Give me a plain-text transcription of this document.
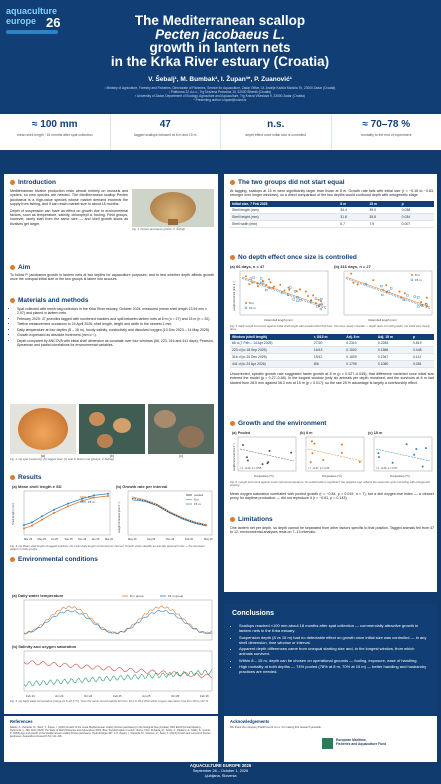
aquaculture
europe 26	The Mediterranean scallop
Pecten jacobaeus L.
growth in lantern nets
in the Krka River estuary (Croatia)
V. Šebalj¹, M. Bumbak², I. Župan³*, P. Zuanović¹
¹ Ministry of Agriculture, Forestry and Fisheries, Directorate of Fisheries, Service for Aquaculture, Zadar Office, Ul. Andrije Kačića Miošića 7b, 23000 Zadar (Croatia)
² Platforma 22 d.o.o., Trg Dražena Petrovića 10, 22000 Šibenik (Croatia)
³ University of Zadar, Department of Ecology, Agriculture and Aquaculture, Trg Kneza Višeslava 9, 23000 Zadar (Croatia)
* Presenting author: izupan@unizd.hr
≈ 100 mm
mean shell length ~16 months after spat collection
47
tagged scallops followed at 8 m and 15 m
n.s.
depth effect once initial size is controlled
≈ 70–78 %
mortality to the end of experiment
Introduction

Mediterranean bivalve production rests almost entirely on mussels and oysters, so new species are needed. The Mediterranean scallop Pecten jacobaeus is a high-value species whose market demand exceeds the supply from fishing, and it can reach market size in about 18 months.

Depth of suspension can have an effect on growth due to environmental factors, such as temperature, salinity, chlorophyll a, fouling. Field groups, however, rarely start from the same size — and shell growth slows as bivalves get larger.

Fig. 1. Pecten jacobaeus (photo: V. Šebalj)
Aim

To follow P. jacobaeus growth in lantern nets at two depths for aquaculture purposes, and to test whether depth affects growth once the unequal initial size of the two groups is taken into account.

Materials and methods
• Spat collected with mesh bag collectors in the Krka River estuary, October 2024, measured (mean shell length 13.94 mm ± 2.97) and placed in lantern nets.
• February 2025: 47 juveniles tagged with numbered markers and split between lantern nets at 8 m (n = 27) and 15 m (n = 20).
• Twelve measurement occasions to 24 April 2026; shell length, height and width to the nearest 1 mm.
• Daily temperature at four depths (8 – 18 m), hourly salinity, conductivity and dissolved oxygen (10 Dec 2023 – 14 May 2025).
• Growth expressed as absolute increment (mm d⁻¹).
• Depth compared by ANCOVA with initial shell dimension as covariate over four windows (66, 223, 316 and 441 days); Pearson, Spearman and partial correlations for environmental variables.
(a)	(b)	(c)
Fig. 2. (a) spat measuring; (b) tagged spat; (c) spat in lantern net (photos: V. Šebalj)
Results
(a) Mean shell length ± SD
Mar 25 May 25 Jul 25	Sep 25 Nov 25 Jan 26 Mar 26
Shell length (mm)
8 m
15 m
(b) Growth rate per interval
May 25	Aug 25	Nov 25	Feb 26	May 26
Length increment (mm d⁻¹)
pooled
8 m
15 m
Fig. 3. (a) Mean shell length of tagged scallops; (b) mean daily length increment per interval. Growth slows steadily as animals approach size — the dominant pattern in both groups.
Environmental conditions
(a) Daily water temperature	8 m group	15 m group
(b) Salinity and oxygen saturation
Feb 24	Jun 24	Oct 24	Feb 25	Jun 25	Oct 25	Feb 26
Fig. 4. (a) Daily water temperature (range 11.5–22.8 °C). Over the same record salinity fell from 40.4 to 35.4 PSU while oxygen saturation rose from 80 to 112 %.
The two groups did not start equal

At tagging, scallops at 15 m were significantly larger than those at 8 m. Growth rate falls with initial size (r = −0.16 to −0.83, stronger over longer windows), so a direct comparison of the two depths would confound depth with ontogenetic stage.

Initial size, 7 Feb 2025	8 m	15 m	p
Shell length (mm)	34.4	39.0	0.038
Shell height (mm)	31.6	35.8	0.034
Shell width (mm)	6.7	7.9	0.007
No depth effect once size is controlled
(a) 66 days, n = 47
Initial shell length (mm)
(b) 316 days, n = 27
Initial shell length (mm)
Length increment (mm d⁻¹)	8 m
15 m
8 m
15 m
Fig. 5. Daily length increment against initial shell length with parallel ANCOVA lines. The lines nearly coincide — depth does not shift growth, but initial size clearly does.
Window (shell length)	r, 8/15 m	Adj. 8 m	Adj. 15 m	p
66 d (7 Feb – 14 Apr 2025)	27/20	0.2310	0.2284	0.819
223 d (to 18 Sep 2025)	16/13	0.1502	0.1586	0.448
316 d (to 20 Dec 2025)	15/12	0.1809	0.1947	0.112
441 d (to 24 Apr 2026)	8/6	0.1795	0.1080	0.081

Uncorrected, specific growth rate suggested faster growth at 8 m (p = 0.027–0.045); that difference vanished once initial size entered the model (p = 0.27–0.68). In the longest window (only six animals per depth remained, and the survivors at 8 m had started from 28.0 mm against 38.3 mm at 15 m (p = 0.017), so the raw 25 % advantage is largely a survivorship effect.

Growth and the environment
(a) Pooled
r = −0.20, p = 0.55
Temperature (°C)
(b) 8 m
r = −0.37, p = 0.33
Temperature (°C)
(c) 15 m
r = −0.26, p = 0.57
Temperature (°C)
Length increment (mm d⁻¹)
Fig. 6. Length increment against mean interval temperature. No relationship is significant; the negative sign reflects the seasonal cycle coinciding with ontogenetic slowing.

Mean oxygen saturation correlated with pooled growth (r = −0.84, p = 0.019, n = 7), but a diel oxygen-rise index — a cleaner proxy for daytime production — did not reproduce it (r = −0.61, p = 0.143).

Limitations

One lantern net per depth, so depth cannot be separated from other factors specific to that position. Tagged animals fell from 47 to 12; environmental analyses rests on 7–13 intervals.

Conclusions
• Scallops reached ≈100 mm about 18 months after spat collection — commercially attractive growth in lantern nets in the Krka estuary.
• Suspension depth (8 vs 15 m) had no detectable effect on growth once initial size was controlled — in any shell dimension, time window or interval.
• Apparent depth differences came from unequal starting size and, in the longest window, from which animals survived.
• Within 8 – 15 m, depth can be chosen on operational grounds — fouling, exposure, ease of handling.
• High mortality at both depths — 74% pooled (78% at 8 m, 70% at 15 m) — better handling and husbandry practices are needed.
References

Bakšić, A., Peharda, M., Šarić, T., Župan, I. (2016) Growth of the Great Mediterranean scallop (Pecten jacobaeus) in the Novigrad Sea (Croatia). With EAAP Annual Meeting, Dubrovnik, p. 396. FAO (2024) The State of World Fisheries and Aquaculture 2024. Blue Transformation in action. Rome, FAO. Peharda, M., Soldo, A., Pallaoro, A., Matić, S., Cetinić, P. (2003) Age and growth of the Mediterranean scallop Pecten jacobaeus. Hydrobiologia 497: 1–8. Župan, I., Peharda, M., Dolenec, Z., Šarić, T. (2023) Growth and survival of Pecten jacobaeus. Aquaculture Research 54: 111–118.

Acknowledgements

We thank the company Platforma 22 d.o.o. for making this research possible.

European Maritime,
Fisheries and Aquaculture Fund
AQUACULTURE EUROPE 2026
September 28 – October 1, 2026
Ljubljana, Slovenia
